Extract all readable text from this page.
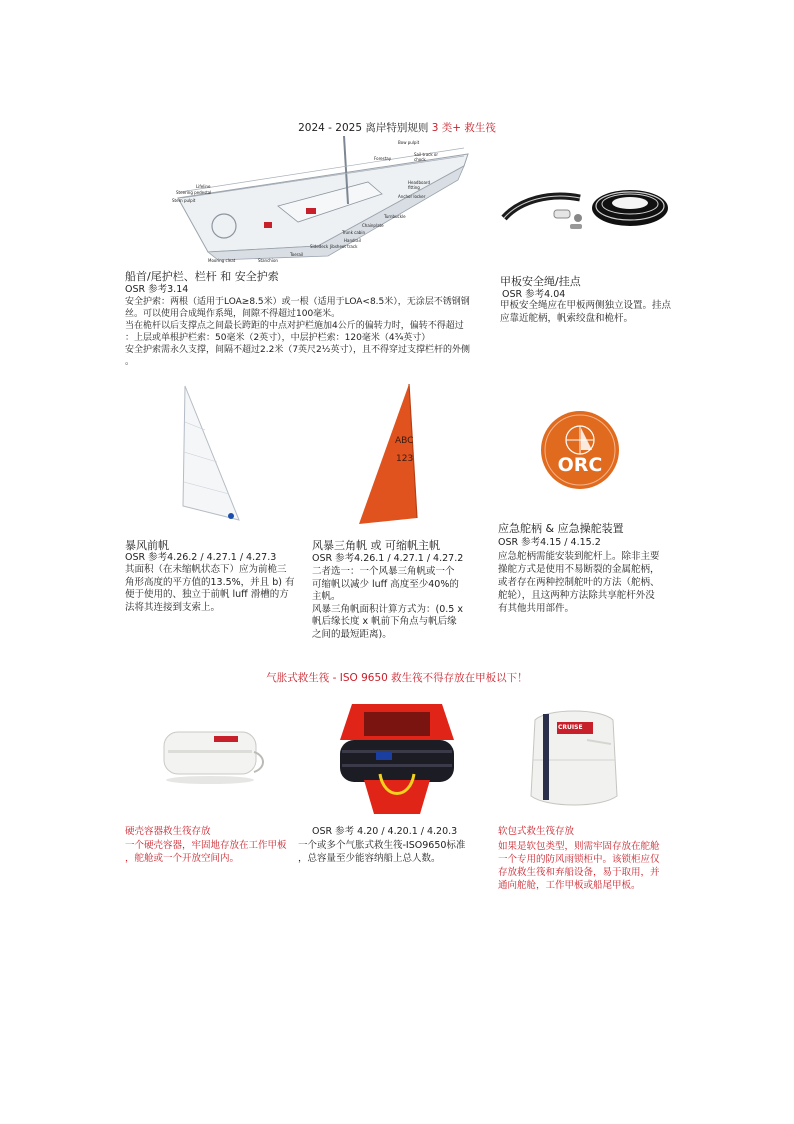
2024 - 2025 离岸特别规则 3 类+ 救生筏
Bow pulpit
Forestay
Sail track or chock
Headboard fitting
Anchor locker
Turnbuckle
Chainplate
Trunk cabin
Handrail
Jibsheet track
Sidedeck
Toerail
Stanchion
Mooring cleat
Lifeline
Steering pedestal
Stern pulpit
船首/尾护栏、栏杆 和 安全护索
OSR 参考3.14

安全护索：两根（适用于LOA≥8.5米）或一根（适用于LOA<8.5米），无涂层不锈钢钢

丝。可以使用合成绳作系绳，间隙不得超过100毫米。

当在桅杆以后支撑点之间最长跨距的中点对护栏施加4公斤的偏转力时，偏转不得超过

：上层或单根护栏索：50毫米（2英寸），中层护栏索：120毫米（4¾英寸）

安全护索需永久支撑，间隔不超过2.2米（7英尺2½英寸），且不得穿过支撑栏杆的外侧

。

甲板安全绳/挂点
OSR 参考4.04

甲板安全绳应在甲板两侧独立设置。挂点

应靠近舵柄，帆索绞盘和桅杆。

暴风前帆
OSR 参考4.26.2 / 4.27.1 / 4.27.3

其面积（在未缩帆状态下）应为前桅三

角形高度的平方值的13.5%，并且 b) 有

便于使用的、独立于前帆 luff 滑槽的方

法将其连接到支索上。

ABC
123
风暴三角帆 或 可缩帆主帆
OSR 参考4.26.1 / 4.27.1 / 4.27.2

二者选一：一个风暴三角帆或一个

可缩帆以减少 luff 高度至少40%的

主帆。

风暴三角帆面积计算方式为：(0.5 x

帆后缘长度 x 帆前下角点与帆后缘

之间的最短距离)。

ORC
应急舵柄 & 应急操舵装置
OSR 参考4.15 / 4.15.2

应急舵柄需能安装到舵杆上。除非主要

操舵方式是使用不易断裂的金属舵柄，

或者存在两种控制舵叶的方法（舵柄、

舵轮），且这两种方法除共享舵杆外没

有其他共用部件。

气胀式救生筏 - ISO 9650 救生筏不得存放在甲板以下！
硬壳容器救生筏存放

一个硬壳容器，牢固地存放在工作甲板

，舵舱或一个开放空间内。

OSR 参考 4.20 / 4.20.1 / 4.20.3

一个或多个气胀式救生筏-ISO9650标准

，总容量至少能容纳船上总人数。

CRUISE
软包式救生筏存放

如果是软包类型，则需牢固存放在舵舱

一个专用的防风雨锁柜中。该锁柜应仅

存放救生筏和弃船设备，易于取用，并

通向舵舱，工作甲板或船尾甲板。
